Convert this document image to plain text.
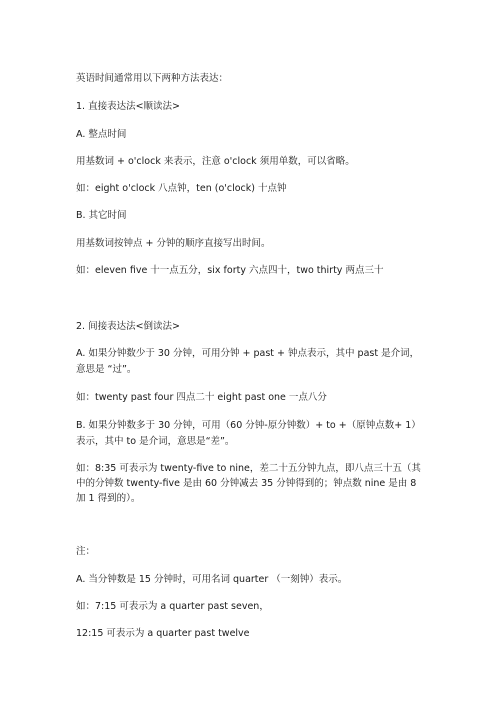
英语时间通常用以下两种方法表达：
1. 直接表达法<顺读法>
A. 整点时间
用基数词 + o'clock 来表示，注意 o'clock 须用单数，可以省略。
如：eight o'clock 八点钟，ten (o'clock) 十点钟
B. 其它时间
用基数词按钟点 + 分钟的顺序直接写出时间。
如：eleven five 十一点五分，six forty 六点四十，two thirty 两点三十
2. 间接表达法<倒读法>
A. 如果分钟数少于 30 分钟，可用分钟 + past + 钟点表示，其中 past 是介词，
意思是 “过”。
如：twenty past four 四点二十 eight past one 一点八分
B. 如果分钟数多于 30 分钟，可用（60 分钟-原分钟数）+ to +（原钟点数+ 1）
表示，其中 to 是介词，意思是“差”。
如：8:35 可表示为 twenty-five to nine，差二十五分钟九点，即八点三十五（其
中的分钟数 twenty-five 是由 60 分钟减去 35 分钟得到的；钟点数 nine 是由 8
加 1 得到的）。
注：
A. 当分钟数是 15 分钟时，可用名词 quarter （一刻钟）表示。
如：7:15 可表示为 a quarter past seven，
12:15 可表示为 a quarter past twelve
